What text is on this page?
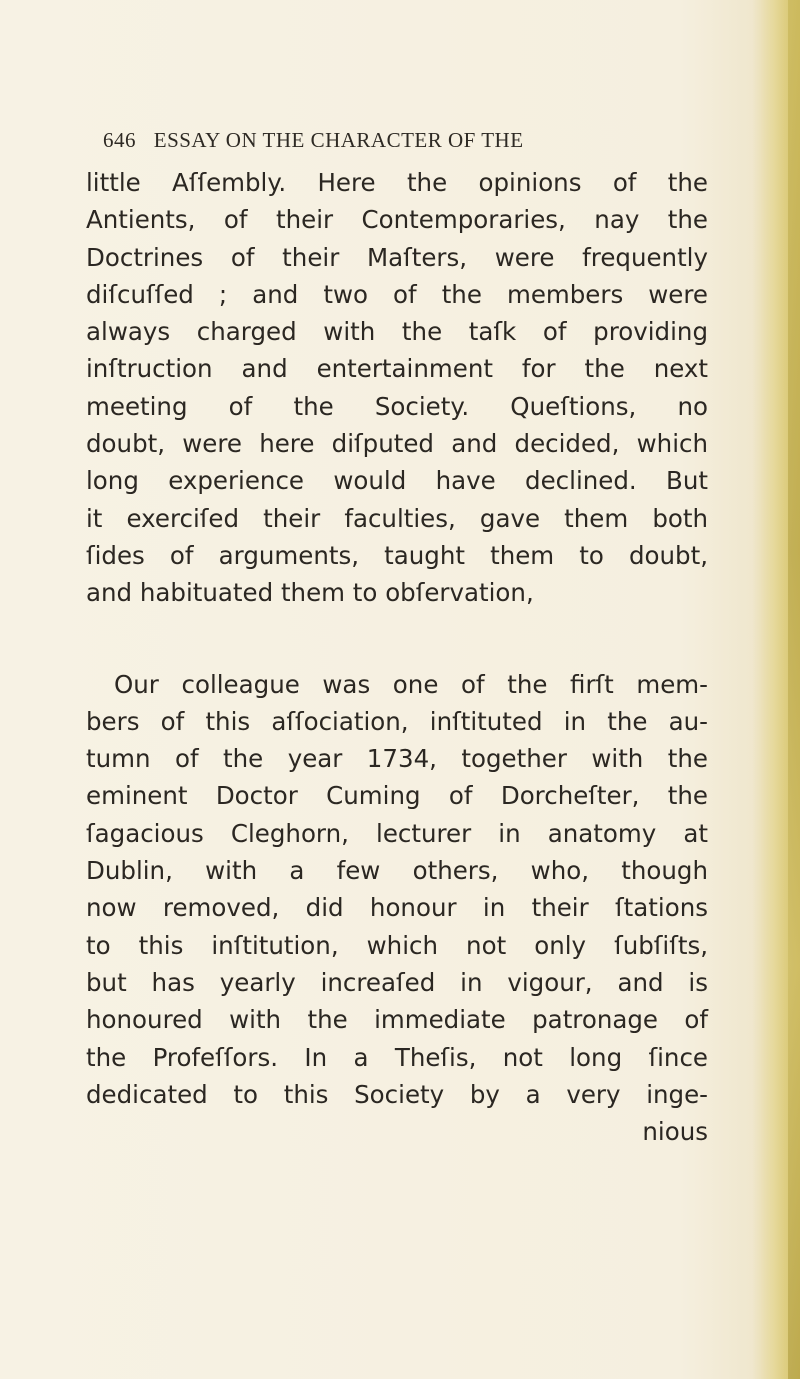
646 ESSAY ON THE CHARACTER OF THE
little Aſſembly. Here the opinions of the
Antients, of their Contemporaries, nay the
Doctrines of their Maſters, were frequently
diſcuſſed ; and two of the members were
always charged with the taſk of providing
inſtruction and entertainment for the next
meeting of the Society. Queſtions, no
doubt, were here diſputed and decided, which
long experience would have declined. But
it exerciſed their faculties, gave them both
ſides of arguments, taught them to doubt,
and habituated them to obſervation,
Our colleague was one of the firſt mem-
bers of this aſſociation, inſtituted in the au-
tumn of the year 1734, together with the
eminent Doctor Cuming of Dorcheſter, the
ſagacious Cleghorn, lecturer in anatomy at
Dublin, with a few others, who, though
now removed, did honour in their ſtations
to this inſtitution, which not only ſubſiſts,
but has yearly increaſed in vigour, and is
honoured with the immediate patronage of
the Profeſſors. In a Theſis, not long ſince
dedicated to this Society by a very inge-
nious
